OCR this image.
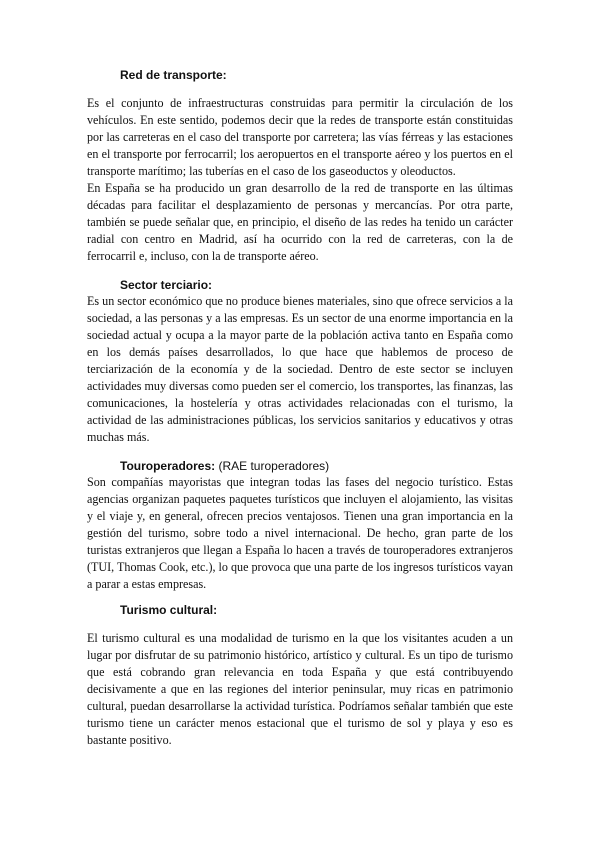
Red de transporte:

Es el conjunto de infraestructuras construidas para permitir la circulación de los vehículos. En este sentido, podemos decir que la redes de transporte están constituidas por las carreteras en el caso del transporte por carretera; las vías férreas y las estaciones en el transporte por ferrocarril; los aeropuertos en el transporte aéreo y los puertos en el transporte marítimo; las tuberías en el caso de los gaseoductos y oleoductos.

En España se ha producido un gran desarrollo de la red de transporte en las últimas décadas para facilitar el desplazamiento de personas y mercancías. Por otra parte, también se puede señalar que, en principio, el diseño de las redes ha tenido un carácter radial con centro en Madrid, así ha ocurrido con la red de carreteras, con la de ferrocarril e, incluso, con la de transporte aéreo.

Sector terciario:

Es un sector económico que no produce bienes materiales, sino que ofrece servicios a la sociedad, a las personas y a las empresas. Es un sector de una enorme importancia en la sociedad actual y ocupa a la mayor parte de la población activa tanto en España como en los demás países desarrollados, lo que hace que hablemos de proceso de terciarización de la economía y de la sociedad. Dentro de este sector se incluyen actividades muy diversas como pueden ser el comercio, los transportes, las finanzas, las comunicaciones, la hostelería y otras actividades relacionadas con el turismo, la actividad de las administraciones públicas, los servicios sanitarios y educativos y otras muchas más.

Touroperadores: (RAE turoperadores)

Son compañías mayoristas que integran todas las fases del negocio turístico. Estas agencias organizan paquetes paquetes turísticos que incluyen el alojamiento, las visitas y el viaje y, en general, ofrecen precios ventajosos. Tienen una gran importancia en la gestión del turismo, sobre todo a nivel internacional. De hecho, gran parte de los turistas extranjeros que llegan a España lo hacen a través de touroperadores extranjeros (TUI, Thomas Cook, etc.), lo que provoca que una parte de los ingresos turísticos vayan a parar a estas empresas.

Turismo cultural:

El turismo cultural es una modalidad de turismo en la que los visitantes acuden a un lugar por disfrutar de su patrimonio histórico, artístico y cultural. Es un tipo de turismo que está cobrando gran relevancia en toda España y que está contribuyendo decisivamente a que en las regiones del interior peninsular, muy ricas en patrimonio cultural, puedan desarrollarse la actividad turística. Podríamos señalar también que este turismo tiene un carácter menos estacional que el turismo de sol y playa y eso es bastante positivo.
